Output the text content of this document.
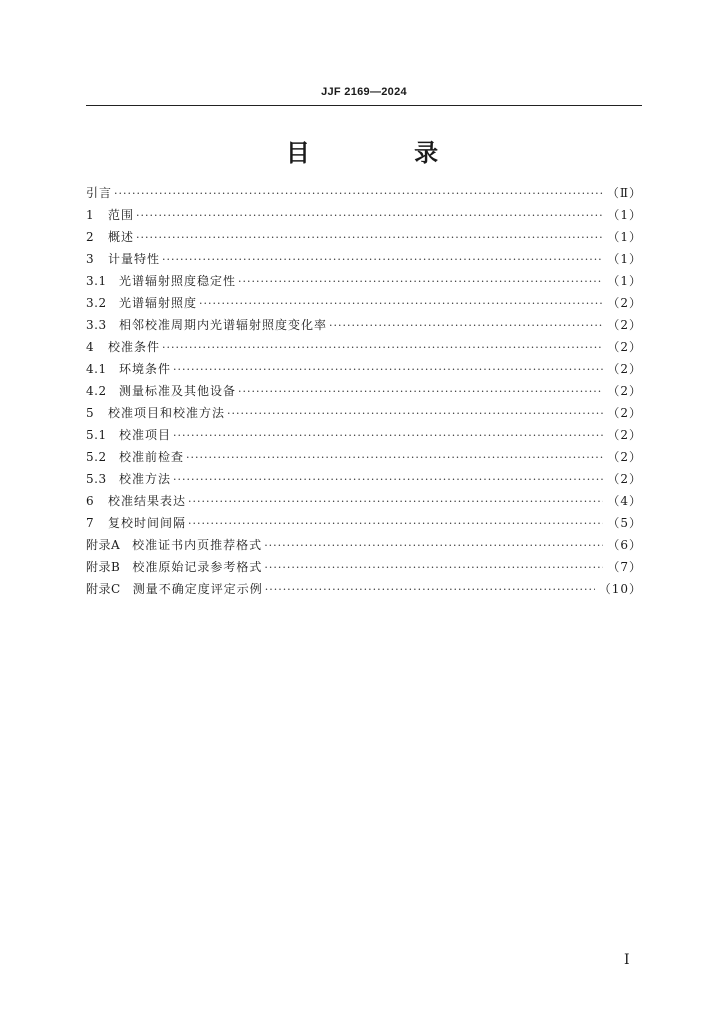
JJF 2169—2024
目 录
引言 ·····	（Ⅱ）
1	范围 ·····	（1）
2	概述 ·····	（1）
3	计量特性 ·····	（1）
3.1	光谱辐射照度稳定性 ·····	（1）
3.2	光谱辐射照度 ·····	（2）
3.3	相邻校准周期内光谱辐射照度变化率 ·····	（2）
4	校准条件 ·····	（2）
4.1	环境条件 ·····	（2）
4.2	测量标准及其他设备 ·····	（2）
5	校准项目和校准方法 ·····	（2）
5.1	校准项目 ·····	（2）
5.2	校准前检查 ·····	（2）
5.3	校准方法 ·····	（2）
6	校准结果表达 ·····	（4）
7	复校时间间隔 ·····	（5）
附录A 校准证书内页推荐格式 ·····	（6）
附录B 校准原始记录参考格式 ·····	（7）
附录C 测量不确定度评定示例 ·····	（10）
I
